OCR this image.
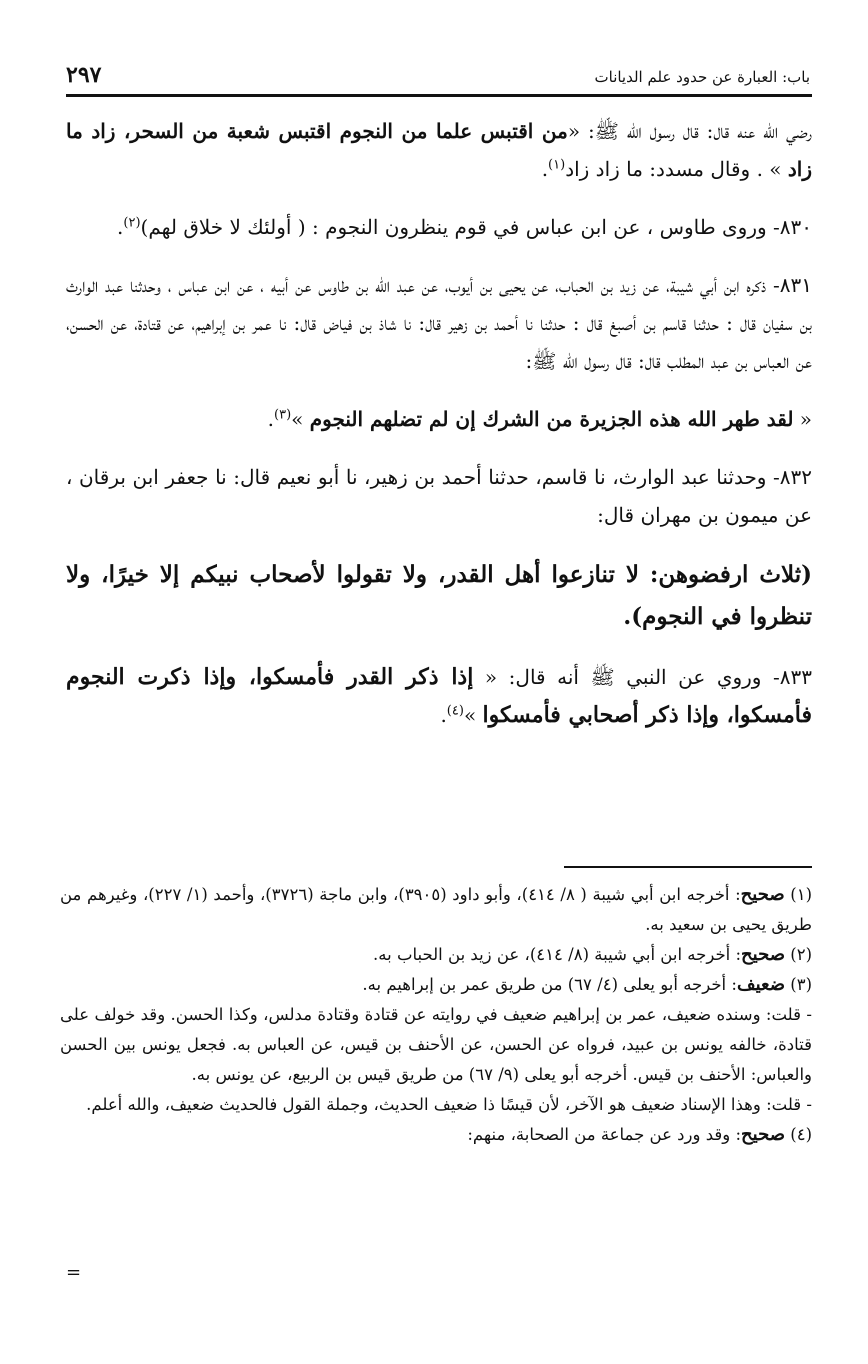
باب: العبارة عن حدود علم الديانات
٢٩٧

رضي الله عنه قال: قال رسول الله ﷺ: «من اقتبس علما من النجوم اقتبس شعبة من السحر، زاد ما زاد » . وقال مسدد: ما زاد زاد$^{(١)}$.

٨٣٠- وروى طاوس ، عن ابن عباس في قوم ينظرون النجوم : ( أولئك لا خلاق لهم)$^{(٢)}$.

٨٣١- ذكره ابن أبي شيبة، عن زيد بن الحباب، عن يحيى بن أيوب، عن عبد الله بن طاوس عن أبيه ، عن ابن عباس ، وحدثنا عبد الوارث بن سفيان قال : حدثنا قاسم بن أصبغ قال : حدثنا نا أحمد بن زهير قال: نا شاذ بن فياض قال: نا عمر بن إبراهيم، عن قتادة، عن الحسن، عن العباس بن عبد المطلب قال: قال رسول الله ﷺ:

« لقد طهر الله هذه الجزيرة من الشرك إن لم تضلهم النجوم »$^{(٣)}$.

٨٣٢- وحدثنا عبد الوارث، نا قاسم، حدثنا أحمد بن زهير، نا أبو نعيم قال: نا جعفر ابن برقان ، عن ميمون بن مهران قال:

(ثلاث ارفضوهن: لا تنازعوا أهل القدر، ولا تقولوا لأصحاب نبيكم إلا خيرًا، ولا تنظروا في النجوم).

٨٣٣- وروي عن النبي ﷺ أنه قال: « إذا ذكر القدر فأمسكوا، وإذا ذكرت النجوم فأمسكوا، وإذا ذكر أصحابي فأمسكوا »$^{(٤)}$.

(١) صحيح: أخرجه ابن أبي شيبة ( ٨/ ٤١٤)، وأبو داود (٣٩٠٥)، وابن ماجة (٣٧٢٦)، وأحمد (١/ ٢٢٧)، وغيرهم من طريق يحيى بن سعيد به.

(٢) صحيح: أخرجه ابن أبي شيبة (٨/ ٤١٤)، عن زيد بن الحباب به.

(٣) ضعيف: أخرجه أبو يعلى (٤/ ٦٧) من طريق عمر بن إبراهيم به.

- قلت: وسنده ضعيف، عمر بن إبراهيم ضعيف في روايته عن قتادة وقتادة مدلس، وكذا الحسن. وقد خولف على قتادة، خالفه يونس بن عبيد، فرواه عن الحسن، عن الأحنف بن قيس، عن العباس به. فجعل يونس بين الحسن والعباس: الأحنف بن قيس. أخرجه أبو يعلى (٩/ ٦٧) من طريق قيس بن الربيع، عن يونس به.

- قلت: وهذا الإسناد ضعيف هو الآخر، لأن قيسًا ذا ضعيف الحديث، وجملة القول فالحديث ضعيف، والله أعلم.

(٤) صحيح: وقد ورد عن جماعة من الصحابة، منهم:

=
